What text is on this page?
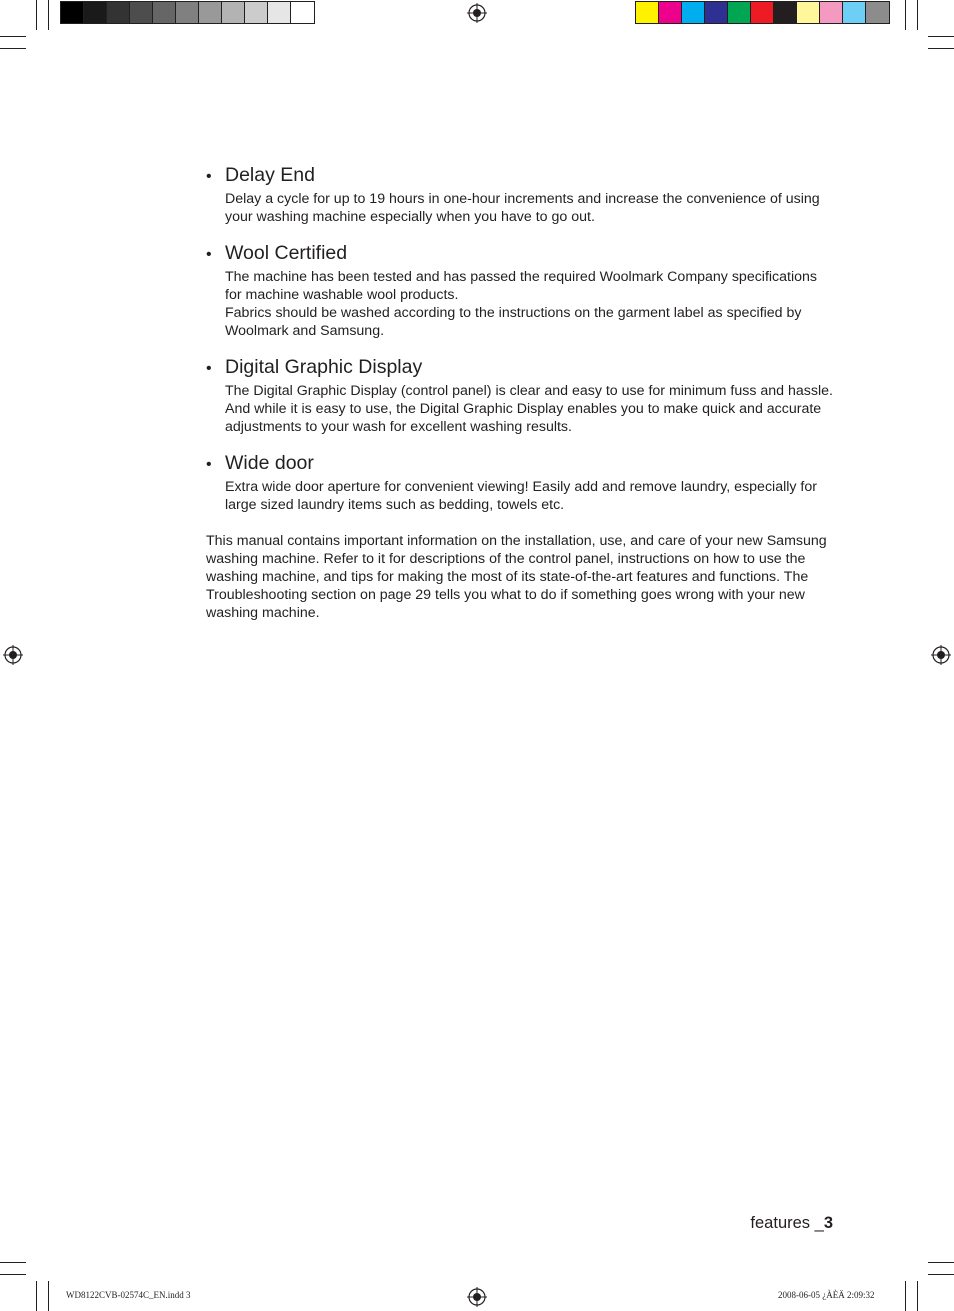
• Delay End

Delay a cycle for up to 19 hours in one-hour increments and increase the convenience of using your washing machine especially when you have to go out.

• Wool Certified

The machine has been tested and has passed the required Woolmark Company specifications for machine washable wool products.

Fabrics should be washed according to the instructions on the garment label as specified by Woolmark and Samsung.

• Digital Graphic Display

The Digital Graphic Display (control panel) is clear and easy to use for minimum fuss and hassle. And while it is easy to use, the Digital Graphic Display enables you to make quick and accurate adjustments to your wash for excellent washing results.

• Wide door

Extra wide door aperture for convenient viewing! Easily add and remove laundry, especially for large sized laundry items such as bedding, towels etc.

This manual contains important information on the installation, use, and care of your new Samsung washing machine. Refer to it for descriptions of the control panel, instructions on how to use the washing machine, and tips for making the most of its state-of-the-art features and functions. The Troubleshooting section on page 29 tells you what to do if something goes wrong with your new washing machine.

features _3
WD8122CVB-02574C_EN.indd 3	2008-06-05 ¿ÀÈÄ 2:09:32
